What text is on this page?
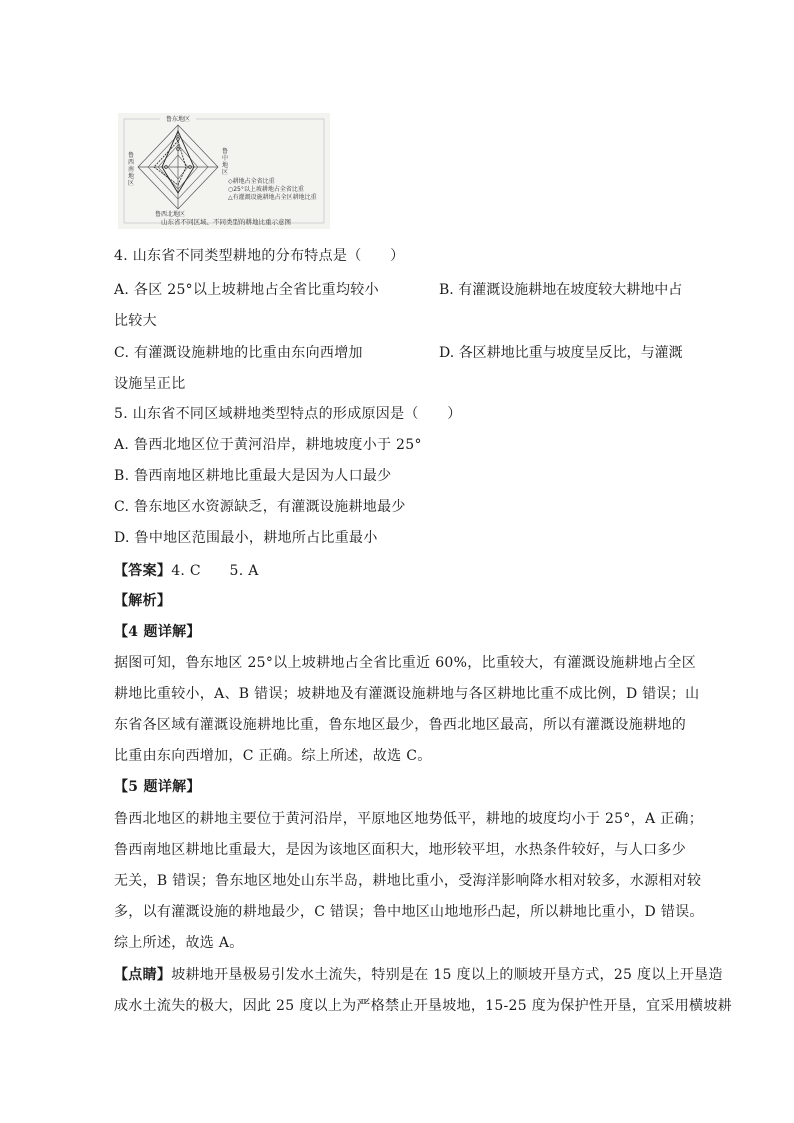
鲁东地区
鲁西北地区
鲁西南地区
鲁中地区
◇耕地占全省比重
○25°以上坡耕地占全省比重
△有灌溉设施耕地占全区耕地比重
山东省不同区域、不同类型的耕地比重示意图
4. 山东省不同类型耕地的分布特点是（　　）
A. 各区 25°以上坡耕地占全省比重均较小	B. 有灌溉设施耕地在坡度较大耕地中占
比较大
C. 有灌溉设施耕地的比重由东向西增加	D. 各区耕地比重与坡度呈反比，与灌溉
设施呈正比
5. 山东省不同区域耕地类型特点的形成原因是（　　）
A. 鲁西北地区位于黄河沿岸，耕地坡度小于 25°
B. 鲁西南地区耕地比重最大是因为人口最少
C. 鲁东地区水资源缺乏，有灌溉设施耕地最少
D. 鲁中地区范围最小，耕地所占比重最小
【答案】4. C　　5. A
【解析】
【4 题详解】
据图可知，鲁东地区 25°以上坡耕地占全省比重近 60%，比重较大，有灌溉设施耕地占全区
耕地比重较小，A、B 错误；坡耕地及有灌溉设施耕地与各区耕地比重不成比例，D 错误；山
东省各区域有灌溉设施耕地比重，鲁东地区最少，鲁西北地区最高，所以有灌溉设施耕地的
比重由东向西增加，C 正确。综上所述，故选 C。
【5 题详解】
鲁西北地区的耕地主要位于黄河沿岸，平原地区地势低平，耕地的坡度均小于 25°，A 正确；
鲁西南地区耕地比重最大，是因为该地区面积大，地形较平坦，水热条件较好，与人口多少
无关，B 错误；鲁东地区地处山东半岛，耕地比重小，受海洋影响降水相对较多，水源相对较
多，以有灌溉设施的耕地最少，C 错误；鲁中地区山地地形凸起，所以耕地比重小，D 错误。
综上所述，故选 A。
【点睛】坡耕地开垦极易引发水土流失，特别是在 15 度以上的顺坡开垦方式，25 度以上开垦造
成水土流失的极大，因此 25 度以上为严格禁止开垦坡地，15-25 度为保护性开垦，宜采用横坡耕
